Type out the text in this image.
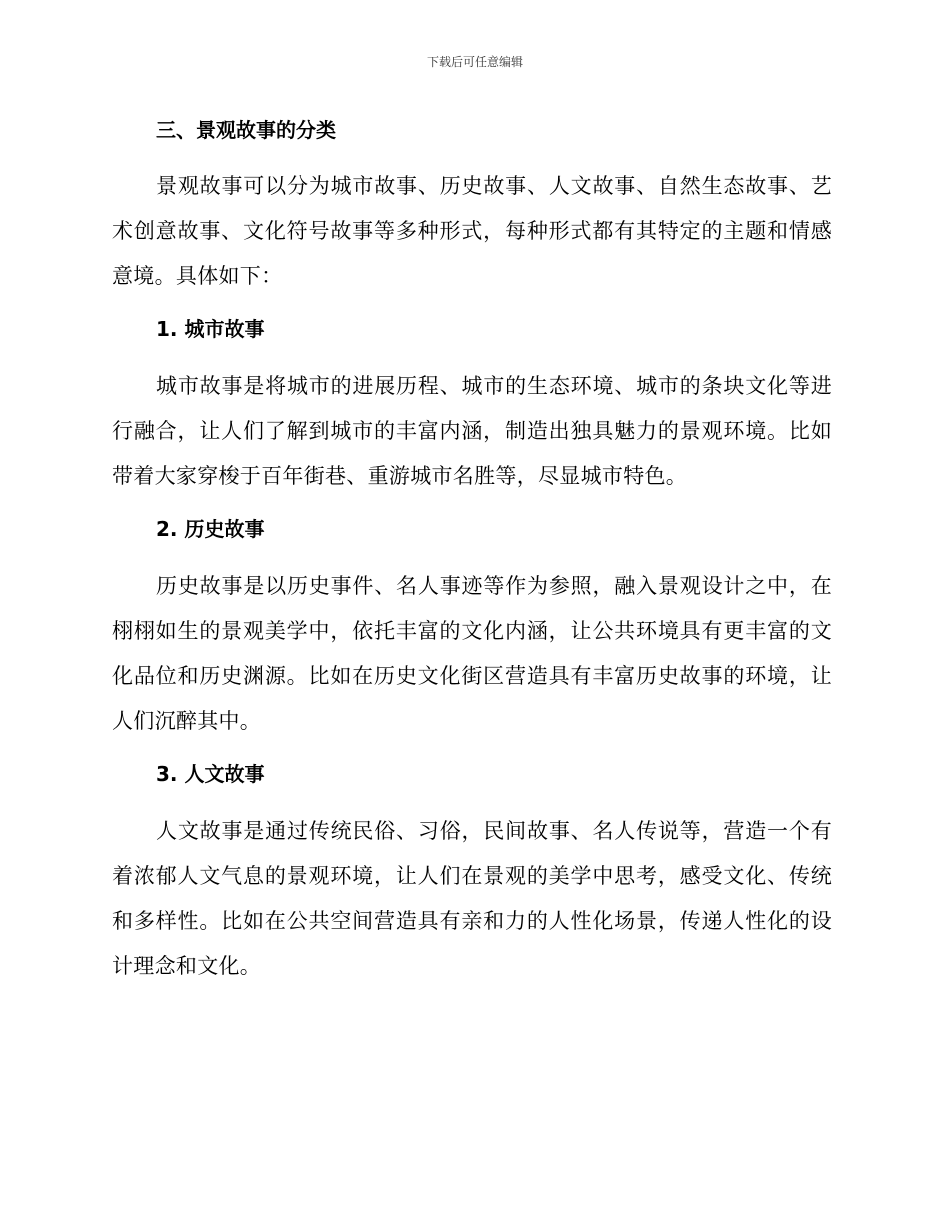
下载后可任意编辑
三、景观故事的分类

景观故事可以分为城市故事、历史故事、人文故事、自然生态故事、艺术创意故事、文化符号故事等多种形式，每种形式都有其特定的主题和情感意境。具体如下：

1. 城市故事

城市故事是将城市的进展历程、城市的生态环境、城市的条块文化等进行融合，让人们了解到城市的丰富内涵，制造出独具魅力的景观环境。比如带着大家穿梭于百年街巷、重游城市名胜等，尽显城市特色。

2. 历史故事

历史故事是以历史事件、名人事迹等作为参照，融入景观设计之中，在栩栩如生的景观美学中，依托丰富的文化内涵，让公共环境具有更丰富的文化品位和历史渊源。比如在历史文化街区营造具有丰富历史故事的环境，让人们沉醉其中。

3. 人文故事

人文故事是通过传统民俗、习俗，民间故事、名人传说等，营造一个有着浓郁人文气息的景观环境，让人们在景观的美学中思考，感受文化、传统和多样性。比如在公共空间营造具有亲和力的人性化场景，传递人性化的设计理念和文化。
